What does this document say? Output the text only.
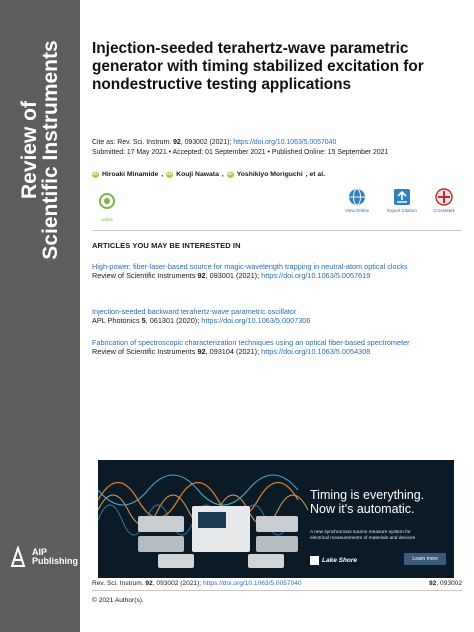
Review of
Scientific Instruments
AIP
Publishing
Injection-seeded terahertz-wave parametric generator with timing stabilized excitation for nondestructive testing applications
Cite as: Rev. Sci. Instrum. 92, 093002 (2021); https://doi.org/10.1063/5.0057040
Submitted: 17 May 2021 • Accepted: 01 September 2021 • Published Online: 15 September 2021
iD Hiroaki Minamide , iD Kouji Nawata , iD Yoshikiyo Moriguchi , et al.
online
View Online	Export Citation	CrossMark
ARTICLES YOU MAY BE INTERESTED IN
High-power, fiber-laser-based source for magic-wavelength trapping in neutral-atom optical clocks
Review of Scientific Instruments 92, 093001 (2021); https://doi.org/10.1063/5.0057619
Injection-seeded backward terahertz-wave parametric oscillator
APL Photonics 5, 061301 (2020); https://doi.org/10.1063/5.0007306
Fabrication of spectroscopic characterization techniques using an optical fiber-based spectrometer
Review of Scientific Instruments 92, 093104 (2021); https://doi.org/10.1063/5.0054308
Timing is everything.
Now it's automatic.
A new synchronous source measure system for
electrical measurements of materials and devices
Lake Shore	Learn more
Rev. Sci. Instrum. 92, 093002 (2021); https://doi.org/10.1063/5.0057040	92, 093002
© 2021 Author(s).
